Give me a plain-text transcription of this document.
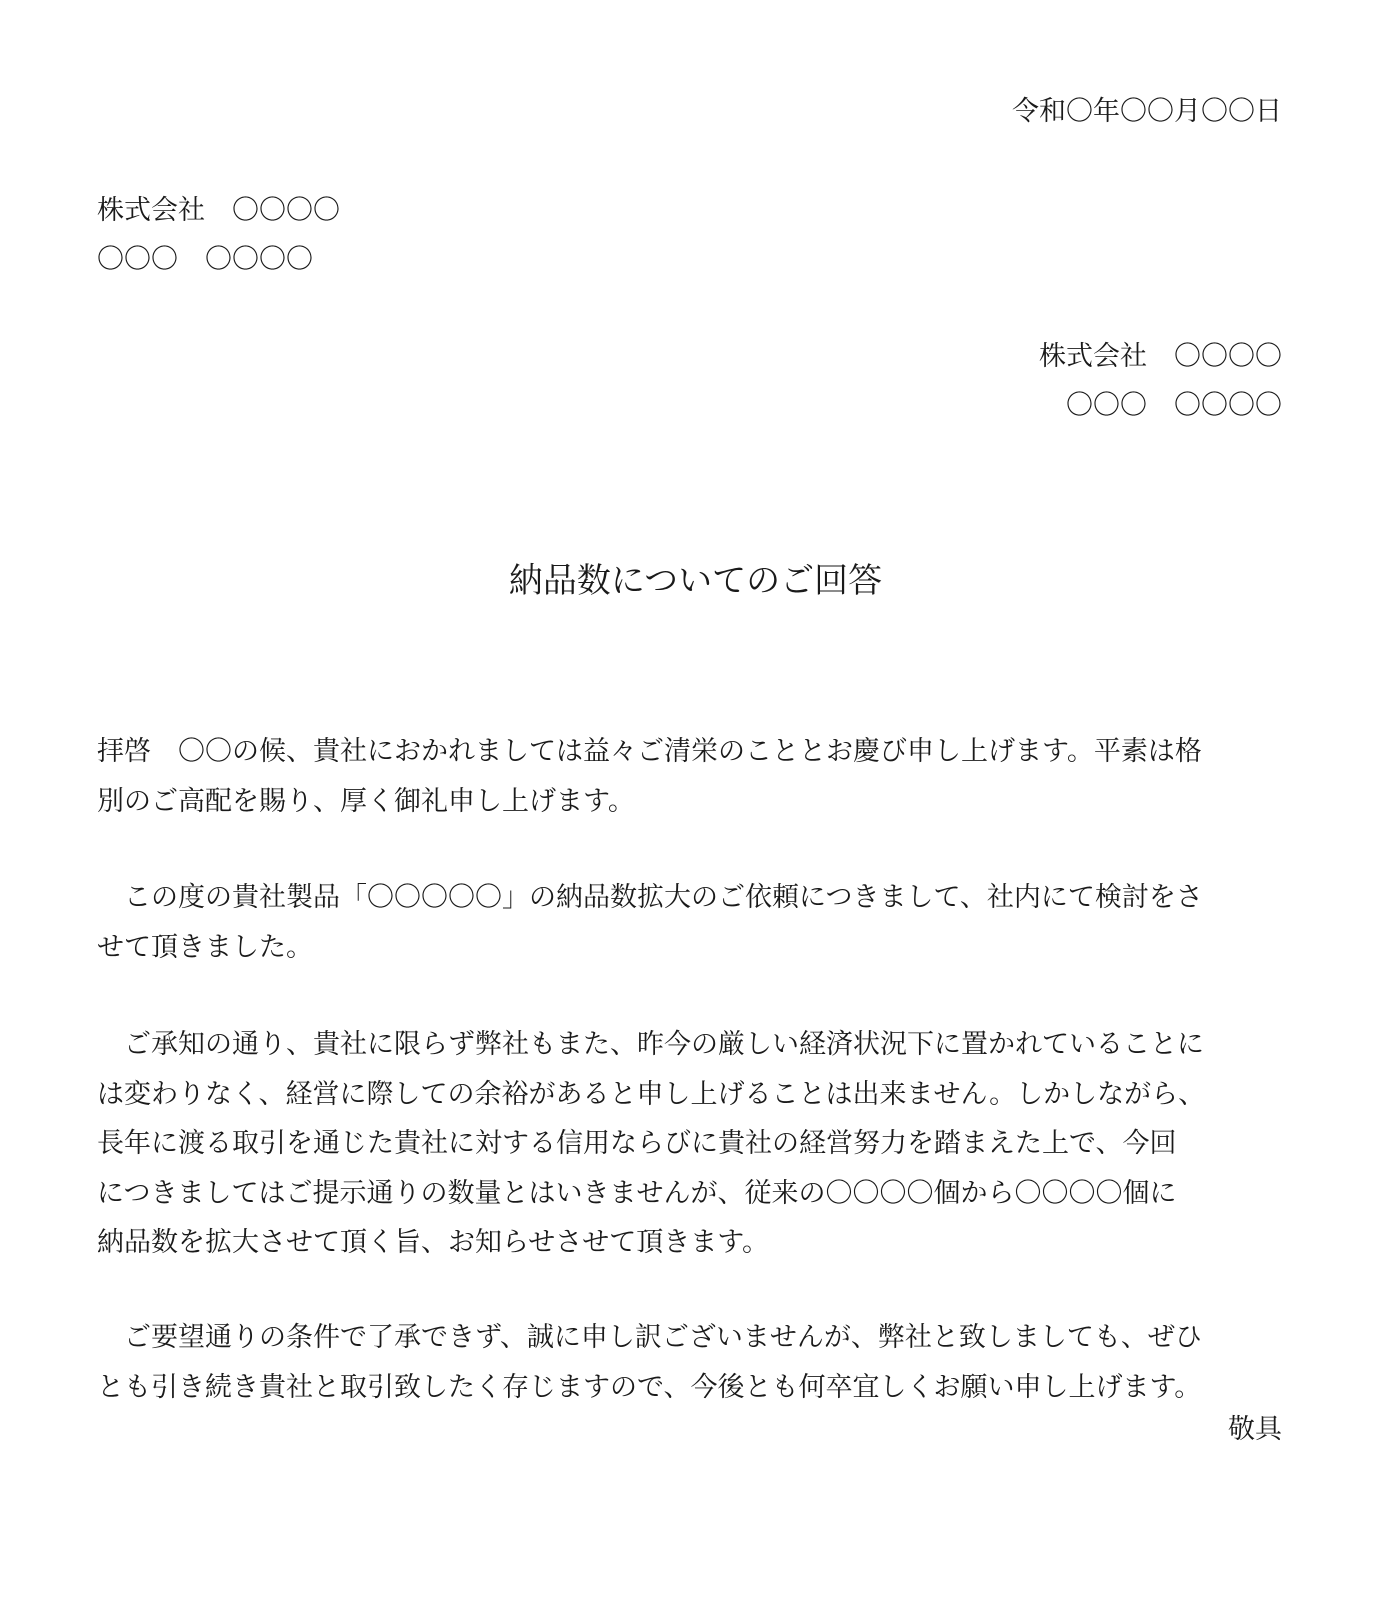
令和〇年〇〇月〇〇日
株式会社　〇〇〇〇
〇〇〇　〇〇〇〇
株式会社　〇〇〇〇
〇〇〇　〇〇〇〇
納品数についてのご回答
拝啓　〇〇の候、貴社におかれましては益々ご清栄のこととお慶び申し上げます。平素は格
別のご高配を賜り、厚く御礼申し上げます。
　この度の貴社製品「〇〇〇〇〇」の納品数拡大のご依頼につきまして、社内にて検討をさ
せて頂きました。
　ご承知の通り、貴社に限らず弊社もまた、昨今の厳しい経済状況下に置かれていることに
は変わりなく、経営に際しての余裕があると申し上げることは出来ません。しかしながら、
長年に渡る取引を通じた貴社に対する信用ならびに貴社の経営努力を踏まえた上で、今回
につきましてはご提示通りの数量とはいきませんが、従来の〇〇〇〇個から〇〇〇〇個に
納品数を拡大させて頂く旨、お知らせさせて頂きます。
　ご要望通りの条件で了承できず、誠に申し訳ございませんが、弊社と致しましても、ぜひ
とも引き続き貴社と取引致したく存じますので、今後とも何卒宜しくお願い申し上げます。
敬具
